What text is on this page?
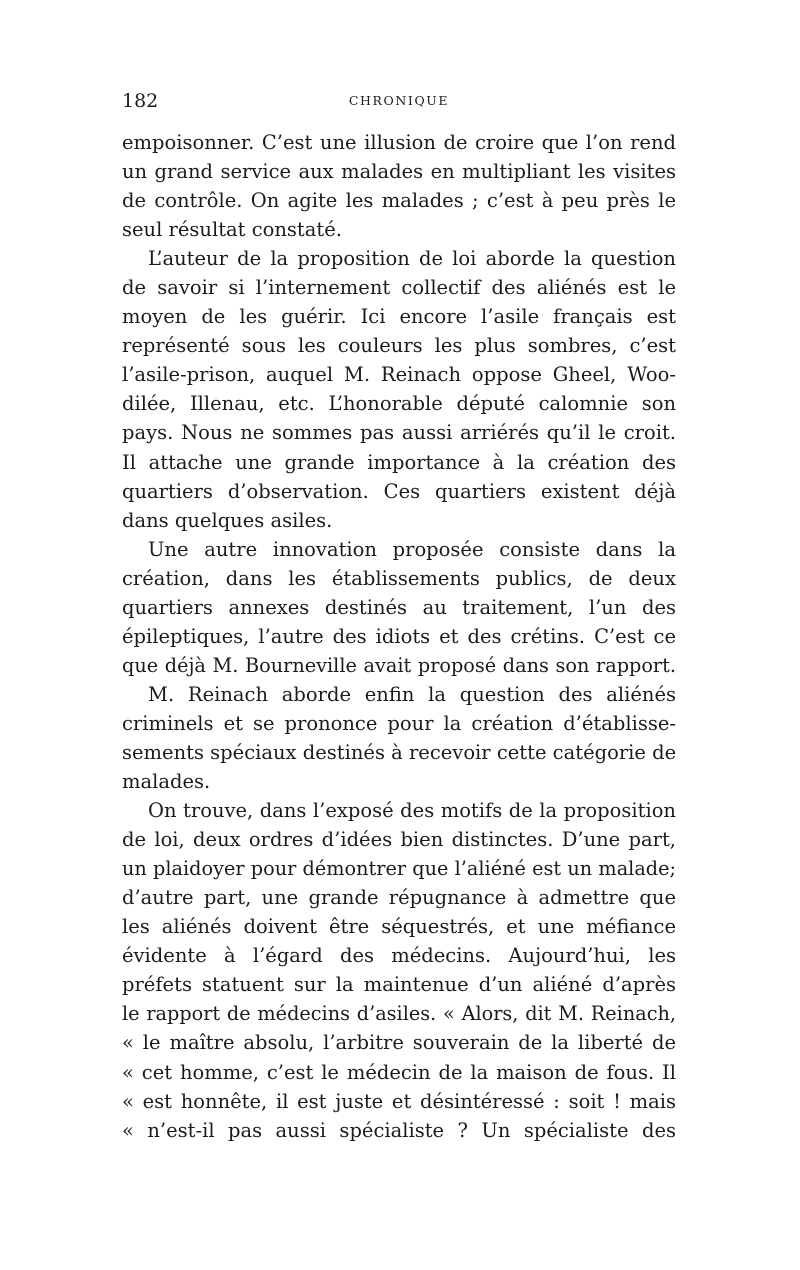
182	CHRONIQUE
empoisonner. C’est une illusion de croire que l’on rend
un grand service aux malades en multipliant les visites
de contrôle. On agite les malades ; c’est à peu près le
seul résultat constaté.
L’auteur de la proposition de loi aborde la question
de savoir si l’internement collectif des aliénés est le
moyen de les guérir. Ici encore l’asile français est
représenté sous les couleurs les plus sombres, c’est
l’asile-prison, auquel M. Reinach oppose Gheel, Woo-
dilée, Illenau, etc. L’honorable député calomnie son
pays. Nous ne sommes pas aussi arriérés qu’il le croit.
Il attache une grande importance à la création des
quartiers d’observation. Ces quartiers existent déjà
dans quelques asiles.
Une autre innovation proposée consiste dans la
création, dans les établissements publics, de deux
quartiers annexes destinés au traitement, l’un des
épileptiques, l’autre des idiots et des crétins. C’est ce
que déjà M. Bourneville avait proposé dans son rapport.
M. Reinach aborde enfin la question des aliénés
criminels et se prononce pour la création d’établisse-
sements spéciaux destinés à recevoir cette catégorie de
malades.
On trouve, dans l’exposé des motifs de la proposition
de loi, deux ordres d’idées bien distinctes. D’une part,
un plaidoyer pour démontrer que l’aliéné est un malade;
d’autre part, une grande répugnance à admettre que
les aliénés doivent être séquestrés, et une méfiance
évidente à l’égard des médecins. Aujourd’hui, les
préfets statuent sur la maintenue d’un aliéné d’après
le rapport de médecins d’asiles. « Alors, dit M. Reinach,
« le maître absolu, l’arbitre souverain de la liberté de
« cet homme, c’est le médecin de la maison de fous. Il
« est honnête, il est juste et désintéressé : soit ! mais
« n’est-il pas aussi spécialiste ? Un spécialiste des
